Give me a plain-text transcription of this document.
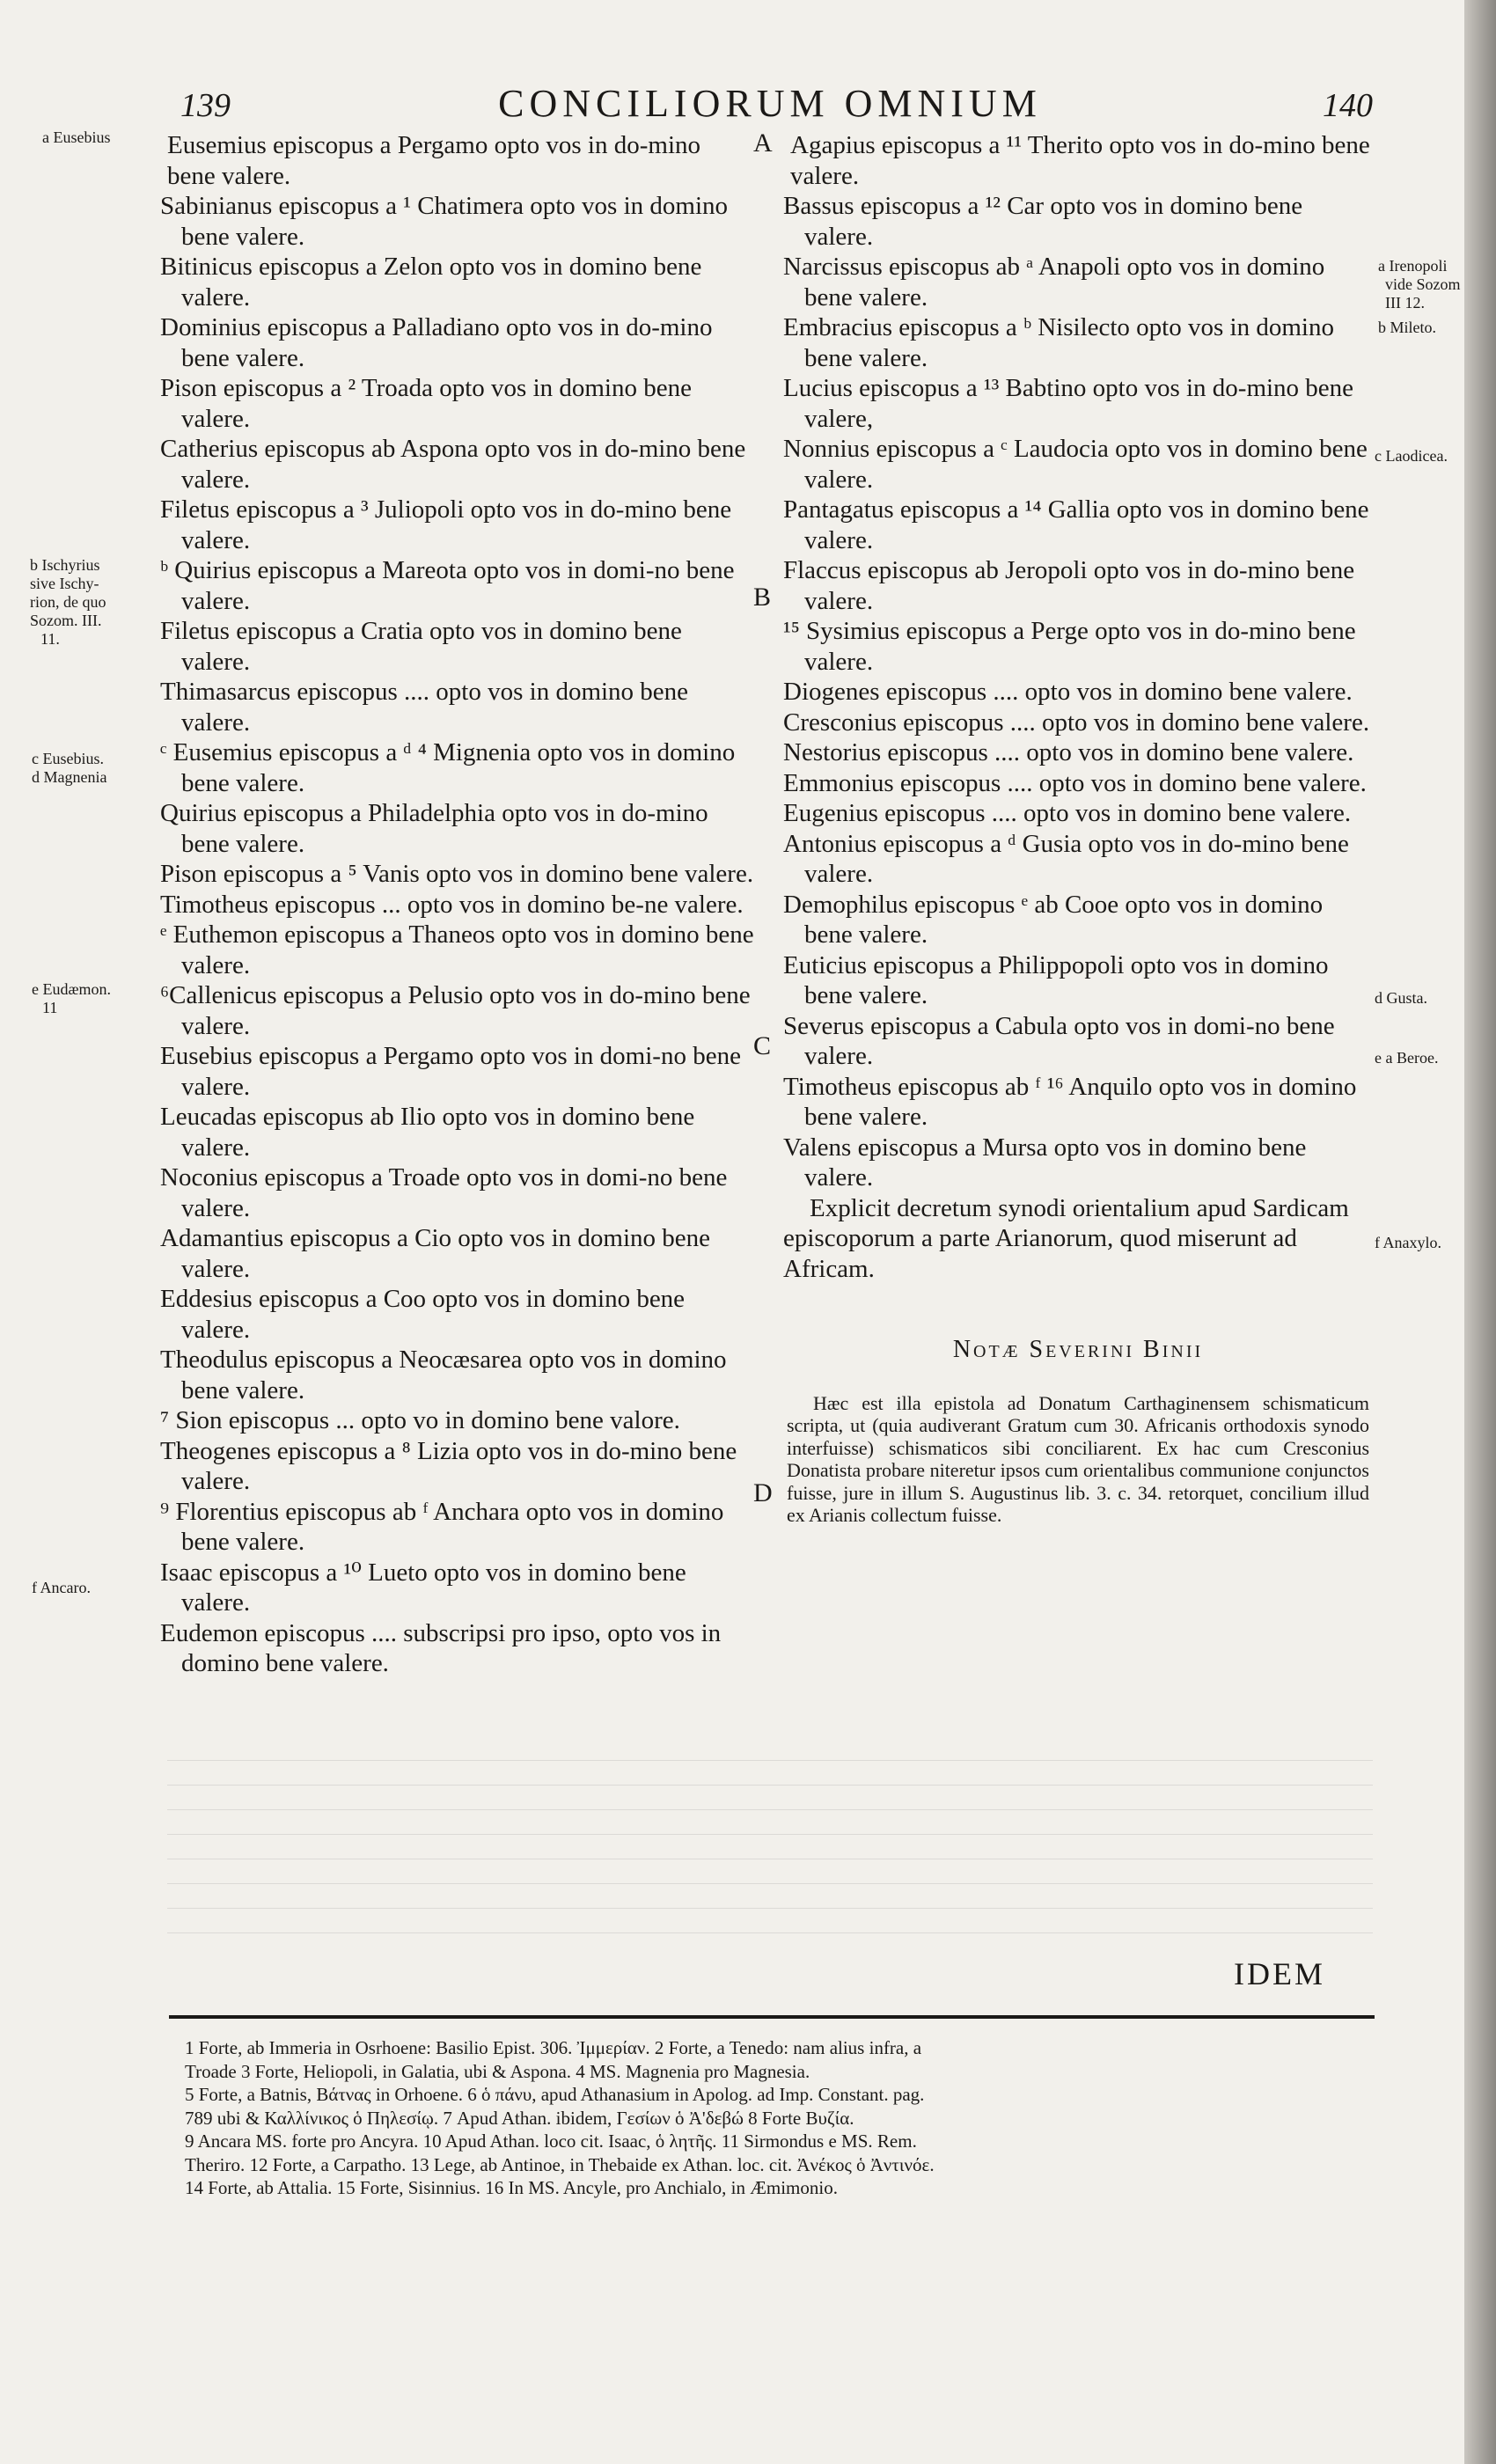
139	CONCILIORUM OMNIUM	140
a Eusebius
b Ischyrius
sive Ischy-
rion, de quo
Sozom. III.
11.
c Eusebius.
d Magnenia
e Eudæmon.
11
f Ancaro.
a Irenopoli
vide Sozom
III 12.
b Mileto.
c Laodicea.
d Gusta.
e a Beroe.
f Anaxylo.
A
B
C
D
Eusemius episcopus a Pergamo opto vos in do-mino bene valere.
Sabinianus episcopus a ¹ Chatimera opto vos in domino bene valere.
Bitinicus episcopus a Zelon opto vos in domino bene valere.
Dominius episcopus a Palladiano opto vos in do-mino bene valere.
Pison episcopus a ² Troada opto vos in domino bene valere.
Catherius episcopus ab Aspona opto vos in do-mino bene valere.
Filetus episcopus a ³ Juliopoli opto vos in do-mino bene valere.
ᵇ Quirius episcopus a Mareota opto vos in domi-no bene valere.
Filetus episcopus a Cratia opto vos in domino bene valere.
Thimasarcus episcopus .... opto vos in domino bene valere.
ᶜ Eusemius episcopus a ᵈ ⁴ Mignenia opto vos in domino bene valere.
Quirius episcopus a Philadelphia opto vos in do-mino bene valere.
Pison episcopus a ⁵ Vanis opto vos in domino bene valere.
Timotheus episcopus ... opto vos in domino be-ne valere.
ᵉ Euthemon episcopus a Thaneos opto vos in domino bene valere.
⁶Callenicus episcopus a Pelusio opto vos in do-mino bene valere.
Eusebius episcopus a Pergamo opto vos in domi-no bene valere.
Leucadas episcopus ab Ilio opto vos in domino bene valere.
Noconius episcopus a Troade opto vos in domi-no bene valere.
Adamantius episcopus a Cio opto vos in domino bene valere.
Eddesius episcopus a Coo opto vos in domino bene valere.
Theodulus episcopus a Neocæsarea opto vos in domino bene valere.
⁷ Sion episcopus ... opto vo in domino bene valore.
Theogenes episcopus a ⁸ Lizia opto vos in do-mino bene valere.
⁹ Florentius episcopus ab ᶠ Anchara opto vos in domino bene valere.
Isaac episcopus a ¹⁰ Lueto opto vos in domino bene valere.
Eudemon episcopus .... subscripsi pro ipso, opto vos in domino bene valere.
Agapius episcopus a ¹¹ Therito opto vos in do-mino bene valere.
Bassus episcopus a ¹² Car opto vos in domino bene valere.
Narcissus episcopus ab ᵃ Anapoli opto vos in domino bene valere.
Embracius episcopus a ᵇ Nisilecto opto vos in domino bene valere.
Lucius episcopus a ¹³ Babtino opto vos in do-mino bene valere,
Nonnius episcopus a ᶜ Laudocia opto vos in domino bene valere.
Pantagatus episcopus a ¹⁴ Gallia opto vos in domino bene valere.
Flaccus episcopus ab Jeropoli opto vos in do-mino bene valere.
¹⁵ Sysimius episcopus a Perge opto vos in do-mino bene valere.
Diogenes episcopus .... opto vos in domino bene valere.
Cresconius episcopus .... opto vos in domino bene valere.
Nestorius episcopus .... opto vos in domino bene valere.
Emmonius episcopus .... opto vos in domino bene valere.
Eugenius episcopus .... opto vos in domino bene valere.
Antonius episcopus a ᵈ Gusia opto vos in do-mino bene valere.
Demophilus episcopus ᵉ ab Cooe opto vos in domino bene valere.
Euticius episcopus a Philippopoli opto vos in domino bene valere.
Severus episcopus a Cabula opto vos in domi-no bene valere.
Timotheus episcopus ab ᶠ ¹⁶ Anquilo opto vos in domino bene valere.
Valens episcopus a Mursa opto vos in domino bene valere.
Explicit decretum synodi orientalium apud Sardicam episcoporum a parte Arianorum, quod miserunt ad Africam.
Notæ Severini Binii
Hæc est illa epistola ad Donatum Carthaginensem schismaticum scripta, ut (quia audiverant Gratum cum 30. Africanis orthodoxis synodo interfuisse) schismaticos sibi conciliarent. Ex hac cum Cresconius Donatista probare niteretur ipsos cum orientalibus communione conjunctos fuisse, jure in illum S. Augustinus lib. 3. c. 34. retorquet, concilium illud ex Arianis collectum fuisse.
IDEM
1 Forte, ab Immeria in Osrhoene: Basilio Epist. 306. Ἰμμερίαν. 2 Forte, a Tenedo: nam alius infra, a
Troade 3 Forte, Heliopoli, in Galatia, ubi & Aspona. 4 MS. Magnenia pro Magnesia.
5 Forte, a Batnis, Βάτνας in Orhoene. 6 ὁ πάνυ, apud Athanasium in Apolog. ad Imp. Constant. pag.
789 ubi & Καλλίνικος ὁ Πηλεσίῳ. 7 Apud Athan. ibidem, Γεσίων ὁ Ἀ'δεβώ 8 Forte Βυζία.
9 Ancara MS. forte pro Ancyra. 10 Apud Athan. loco cit. Isaac, ὁ λητῆς. 11 Sirmondus e MS. Rem.
Theriro. 12 Forte, a Carpatho. 13 Lege, ab Antinoe, in Thebaide ex Athan. loc. cit. Ἀνέκος ὁ Ἀντινόε.
14 Forte, ab Attalia. 15 Forte, Sisinnius. 16 In MS. Ancyle, pro Anchialo, in Æmimonio.
